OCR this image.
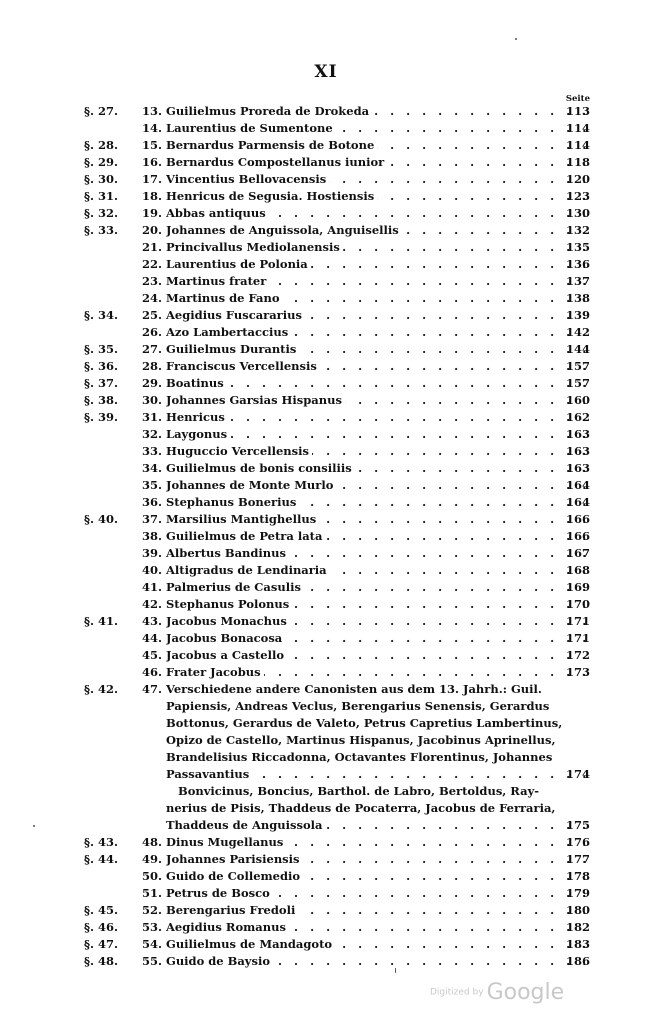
XI
Seite
§. 27.	13. Guilielmus Proreda de Drokeda . . .	113
14. Laurentius de Sumentone . . .	114
§. 28.	15. Bernardus Parmensis de Botone . . .	114
§. 29.	16. Bernardus Compostellanus iunior . . .	118
§. 30.	17. Vincentius Bellovacensis . . .	120
§. 31.	18. Henricus de Segusia. Hostiensis . . .	123
§. 32.	19. Abbas antiquus . . .	130
§. 33.	20. Johannes de Anguissola, Anguisellis . . .	132
21. Princivallus Mediolanensis . . .	135
22. Laurentius de Polonia . . .	136
23. Martinus frater . . .	137
24. Martinus de Fano . . .	138
§. 34.	25. Aegidius Fuscararius . . .	139
26. Azo Lambertaccius . . .	142
§. 35.	27. Guilielmus Durantis . . .	144
§. 36.	28. Franciscus Vercellensis . . .	157
§. 37.	29. Boatinus . . .	157
§. 38.	30. Johannes Garsias Hispanus . . .	160
§. 39.	31. Henricus . . .	162
32. Laygonus . . .	163
33. Huguccio Vercellensis . . .	163
34. Guilielmus de bonis consiliis . . .	163
35. Johannes de Monte Murlo . . .	164
36. Stephanus Bonerius . . .	164
§. 40.	37. Marsilius Mantighellus . . .	166
38. Guilielmus de Petra lata . . .	166
39. Albertus Bandinus . . .	167
40. Altigradus de Lendinaria . . .	168
41. Palmerius de Casulis . . .	169
42. Stephanus Polonus . . .	170
§. 41.	43. Jacobus Monachus . . .	171
44. Jacobus Bonacosa . . .	171
45. Jacobus a Castello . . .	172
46. Frater Jacobus . . .	173
§. 42.	47. Verschiedene andere Canonisten aus dem 13. Jahrh.: Guil.
Papiensis, Andreas Veclus, Berengarius Senensis, Gerardus
Bottonus, Gerardus de Valeto, Petrus Capretius Lambertinus,
Opizo de Castello, Martinus Hispanus, Jacobinus Aprinellus,
Brandelisius Riccadonna, Octavantes Florentinus, Johannes
Passavantius . . .	174
Bonvicinus, Boncius, Barthol. de Labro, Bertoldus, Ray-
nerius de Pisis, Thaddeus de Pocaterra, Jacobus de Ferraria,
Thaddeus de Anguissola . . .	175
§. 43.	48. Dinus Mugellanus . . .	176
§. 44.	49. Johannes Parisiensis . . .	177
50. Guido de Collemedio . . .	178
51. Petrus de Bosco . . .	179
§. 45.	52. Berengarius Fredoli . . .	180
§. 46.	53. Aegidius Romanus . . .	182
§. 47.	54. Guilielmus de Mandagoto . . .	183
§. 48.	55. Guido de Baysio . . .	186
Digitized by Google
